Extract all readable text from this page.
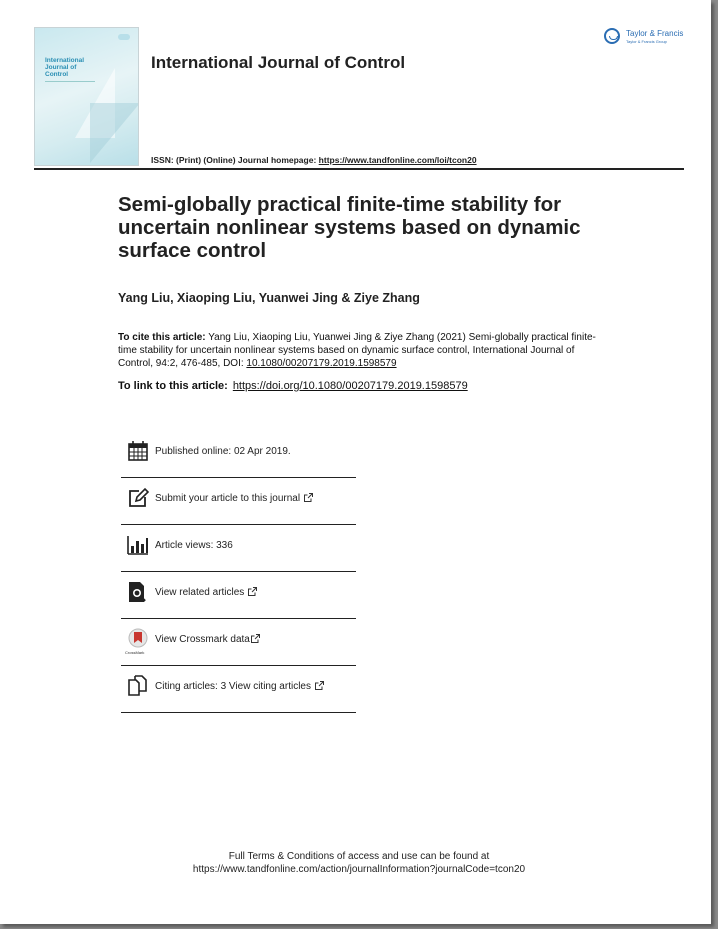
International Journal of Control
International Journal of Control
ISSN: (Print) (Online) Journal homepage: https://www.tandfonline.com/loi/tcon20
Taylor & Francis
Taylor & Francis Group
Semi-globally practical finite-time stability for uncertain nonlinear systems based on dynamic surface control
Yang Liu, Xiaoping Liu, Yuanwei Jing & Ziye Zhang
To cite this article: Yang Liu, Xiaoping Liu, Yuanwei Jing & Ziye Zhang (2021) Semi-globally practical finite-time stability for uncertain nonlinear systems based on dynamic surface control, International Journal of Control, 94:2, 476-485, DOI: 10.1080/00207179.2019.1598579
To link to this article: https://doi.org/10.1080/00207179.2019.1598579
Published online: 02 Apr 2019.
Submit your article to this journal
Article views: 336
View related articles
CrossMark
View Crossmark data
Citing articles: 3 View citing articles
Full Terms & Conditions of access and use can be found at
https://www.tandfonline.com/action/journalInformation?journalCode=tcon20
